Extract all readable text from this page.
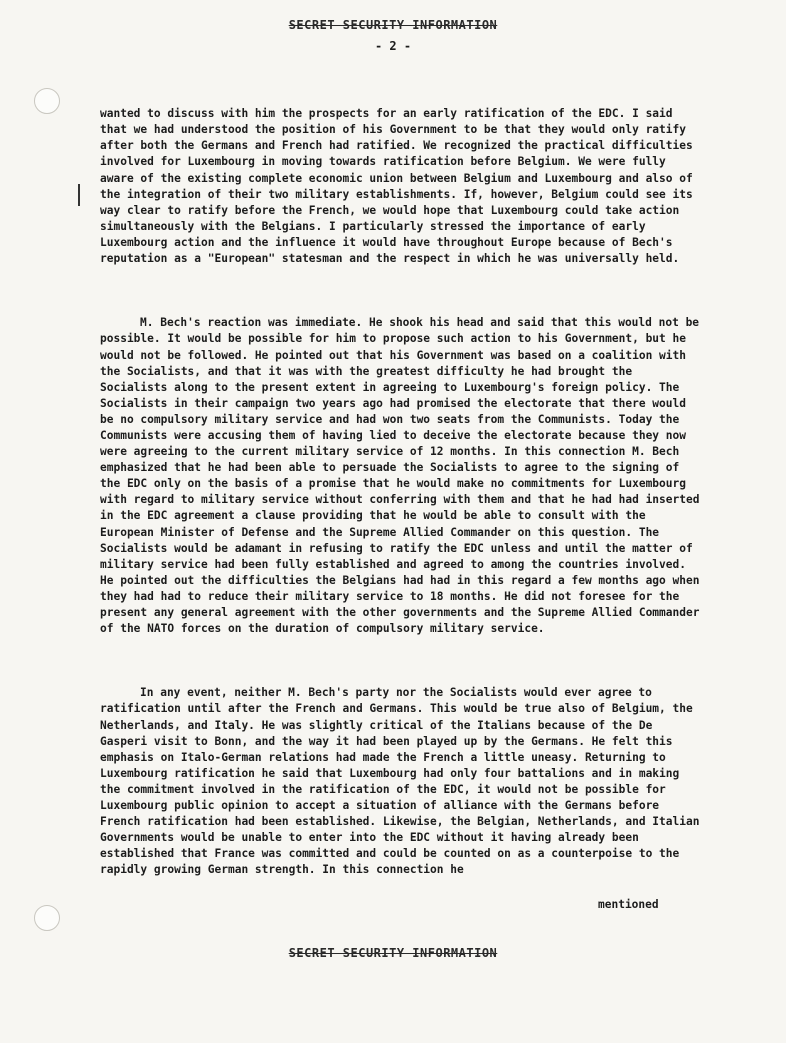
SECRET SECURITY INFORMATION
- 2 -

wanted to discuss with him the prospects for an early ratification of the EDC. I said that we had understood the position of his Government to be that they would only ratify after both the Germans and French had ratified. We recognized the practical difficulties involved for Luxembourg in moving towards ratification before Belgium. We were fully aware of the existing complete economic union between Belgium and Luxembourg and also of the integration of their two military establishments. If, however, Belgium could see its way clear to ratify before the French, we would hope that Luxembourg could take action simultaneously with the Belgians. I particularly stressed the importance of early Luxembourg action and the influence it would have throughout Europe because of Bech's reputation as a "European" statesman and the respect in which he was universally held.

M. Bech's reaction was immediate. He shook his head and said that this would not be possible. It would be possible for him to propose such action to his Government, but he would not be followed. He pointed out that his Government was based on a coalition with the Socialists, and that it was with the greatest difficulty he had brought the Socialists along to the present extent in agreeing to Luxembourg's foreign policy. The Socialists in their campaign two years ago had promised the electorate that there would be no compulsory military service and had won two seats from the Communists. Today the Communists were accusing them of having lied to deceive the electorate because they now were agreeing to the current military service of 12 months. In this connection M. Bech emphasized that he had been able to persuade the Socialists to agree to the signing of the EDC only on the basis of a promise that he would make no commitments for Luxembourg with regard to military service without conferring with them and that he had had inserted in the EDC agreement a clause providing that he would be able to consult with the European Minister of Defense and the Supreme Allied Commander on this question. The Socialists would be adamant in refusing to ratify the EDC unless and until the matter of military service had been fully established and agreed to among the countries involved. He pointed out the difficulties the Belgians had had in this regard a few months ago when they had had to reduce their military service to 18 months. He did not foresee for the present any general agreement with the other governments and the Supreme Allied Commander of the NATO forces on the duration of compulsory military service.

In any event, neither M. Bech's party nor the Socialists would ever agree to ratification until after the French and Germans. This would be true also of Belgium, the Netherlands, and Italy. He was slightly critical of the Italians because of the De Gasperi visit to Bonn, and the way it had been played up by the Germans. He felt this emphasis on Italo-German relations had made the French a little uneasy. Returning to Luxembourg ratification he said that Luxembourg had only four battalions and in making the commitment involved in the ratification of the EDC, it would not be possible for Luxembourg public opinion to accept a situation of alliance with the Germans before French ratification had been established. Likewise, the Belgian, Netherlands, and Italian Governments would be unable to enter into the EDC without it having already been established that France was committed and could be counted on as a counterpoise to the rapidly growing German strength. In this connection he

mentioned
SECRET SECURITY INFORMATION
